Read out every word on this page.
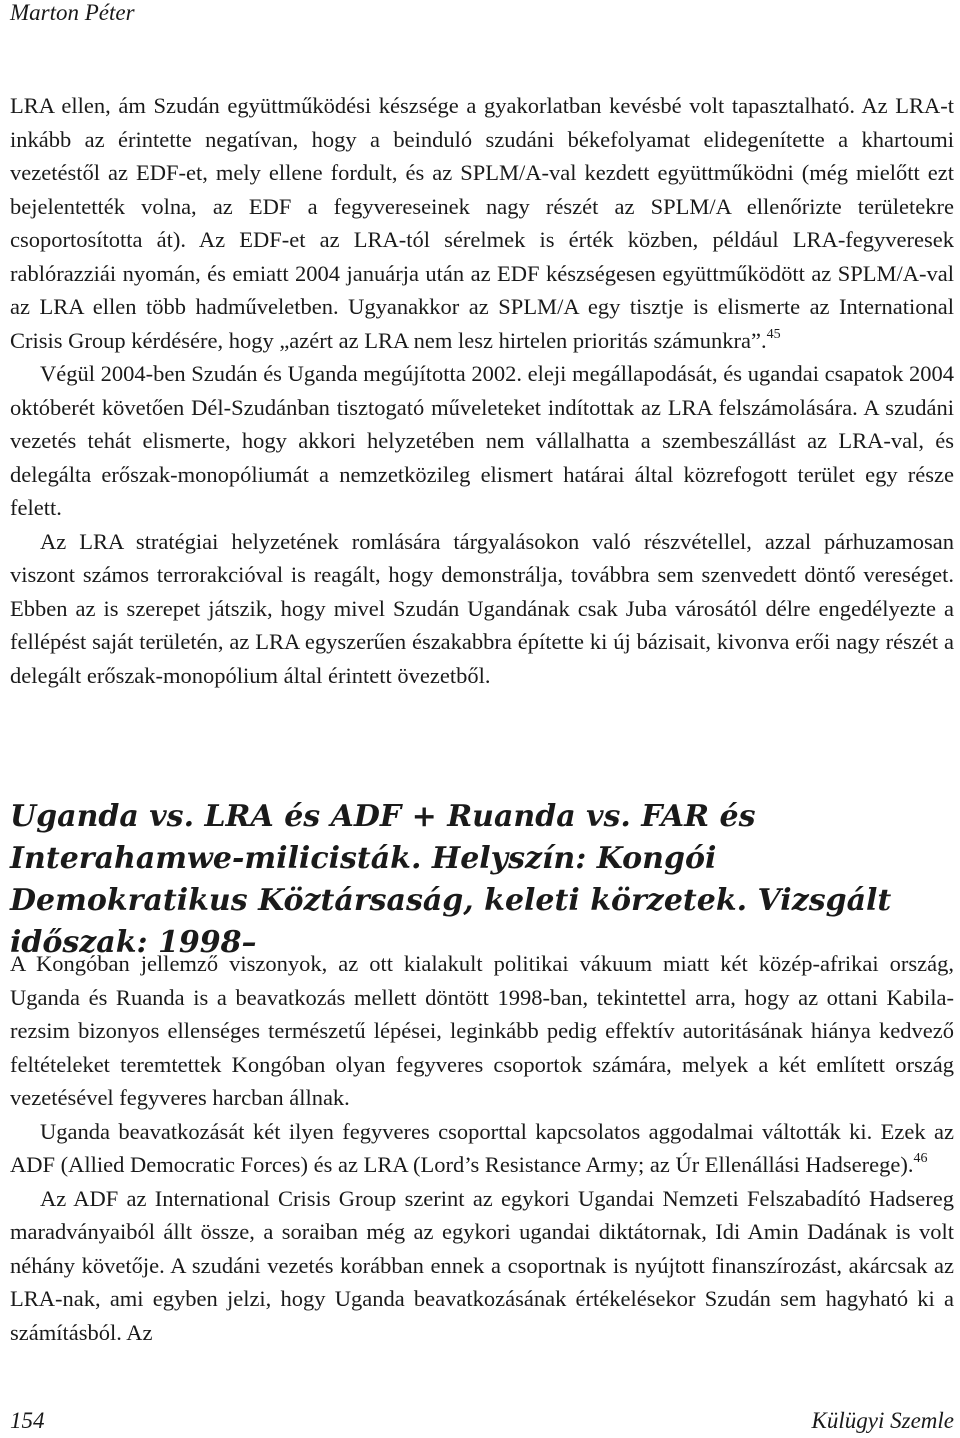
Marton Péter

LRA ellen, ám Szudán együttműködési készsége a gyakorlatban kevésbé volt tapasztalható. Az LRA-t inkább az érintette negatívan, hogy a beinduló szudáni békefolyamat elidegenítette a khartoumi vezetéstől az EDF-et, mely ellene fordult, és az SPLM/A-val kezdett együttműködni (még mielőtt ezt bejelentették volna, az EDF a fegyvereseinek nagy részét az SPLM/A ellenőrizte területekre csoportosította át). Az EDF-et az LRA-tól sérelmek is érték közben, például LRA-fegyveresek rablórazziái nyomán, és emiatt 2004 januárja után az EDF készségesen együttműködött az SPLM/A-val az LRA ellen több hadműveletben. Ugyanakkor az SPLM/A egy tisztje is elismerte az International Crisis Group kérdésére, hogy „azért az LRA nem lesz hirtelen prioritás számunkra”.$^{45}$

Végül 2004-ben Szudán és Uganda megújította 2002. eleji megállapodását, és ugandai csapatok 2004 októberét követően Dél-Szudánban tisztogató műveleteket indítottak az LRA felszámolására. A szudáni vezetés tehát elismerte, hogy akkori helyzetében nem vállalhatta a szembeszállást az LRA-val, és delegálta erőszak-monopóliumát a nemzetközileg elismert határai által közrefogott terület egy része felett.

Az LRA stratégiai helyzetének romlására tárgyalásokon való részvétellel, azzal párhuzamosan viszont számos terrorakcióval is reagált, hogy demonstrálja, továbbra sem szenvedett döntő vereséget. Ebben az is szerepet játszik, hogy mivel Szudán Ugandának csak Juba városától délre engedélyezte a fellépést saját területén, az LRA egyszerűen északabbra építette ki új bázisait, kivonva erői nagy részét a delegált erőszak-monopólium által érintett övezetből.

Uganda vs. LRA és ADF + Ruanda vs. FAR és Interahamwe-milicisták. Helyszín: Kongói Demokratikus Köztársaság, keleti körzetek. Vizsgált időszak: 1998–

A Kongóban jellemző viszonyok, az ott kialakult politikai vákuum miatt két közép-afrikai ország, Uganda és Ruanda is a beavatkozás mellett döntött 1998-ban, tekintettel arra, hogy az ottani Kabila-rezsim bizonyos ellenséges természetű lépései, leginkább pedig effektív autoritásának hiánya kedvező feltételeket teremtettek Kongóban olyan fegyveres csoportok számára, melyek a két említett ország vezetésével fegyveres harcban állnak.

Uganda beavatkozását két ilyen fegyveres csoporttal kapcsolatos aggodalmai váltották ki. Ezek az ADF (Allied Democratic Forces) és az LRA (Lord’s Resistance Army; az Úr Ellenállási Hadserege).$^{46}$

Az ADF az International Crisis Group szerint az egykori Ugandai Nemzeti Felszabadító Hadsereg maradványaiból állt össze, a soraiban még az egykori ugandai diktátornak, Idi Amin Dadának is volt néhány követője. A szudáni vezetés korábban ennek a csoportnak is nyújtott finanszírozást, akárcsak az LRA-nak, ami egyben jelzi, hogy Uganda beavatkozásának értékelésekor Szudán sem hagyható ki a számításból. Az

154	Külügyi Szemle
